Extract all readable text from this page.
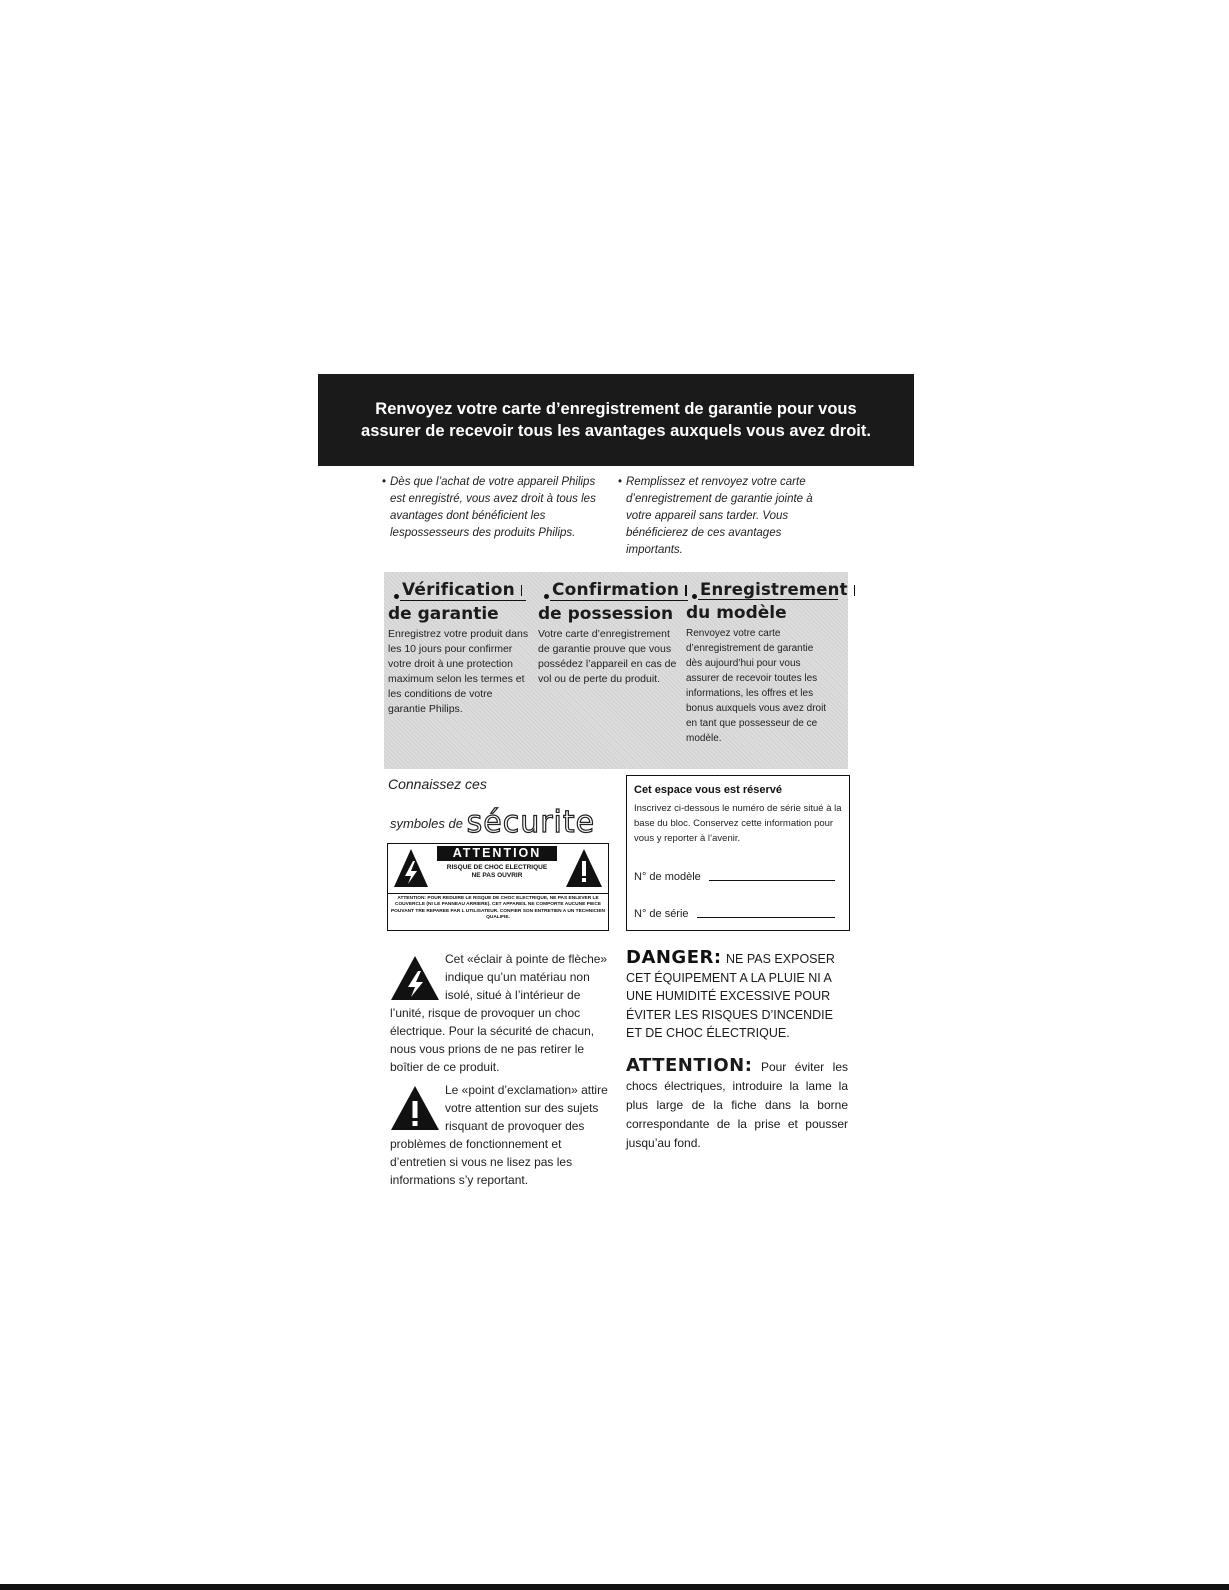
Renvoyez votre carte d’enregistrement de garantie pour vous
assurer de recevoir tous les avantages auxquels vous avez droit.
• Dès que l’achat de votre appareil Philips est enregistré, vous avez droit à tous les avantages dont bénéficient les lespossesseurs des produits Philips.
• Remplissez et renvoyez votre carte d’enregistrement de garantie jointe à votre appareil sans tarder. Vous bénéficierez de ces avantages importants.
Vérification
de garantie
Enregistrez votre produit dans les 10 jours pour confirmer votre droit à une protection maximum selon les termes et les conditions de votre garantie Philips.
Confirmation
de possession
Votre carte d’enregistrement de garantie prouve que vous possédez l’appareil en cas de vol ou de perte du produit.
Enregistrement
du modèle
Renvoyez votre carte d’enregistrement de garantie dès aujourd’hui pour vous assurer de recevoir toutes les informations, les offres et les bonus auxquels vous avez droit en tant que possesseur de ce modèle.
Connaissez ces
symboles de sécurite
ATTENTION
RISQUE DE CHOC ELECTRIQUE
NE PAS OUVRIR
ATTENTION: POUR REDUIRE LE RISQUE DE CHOC ELECTRIQUE, NE PAS ENLEVER LE COUVERCLE (NI LE PANNEAU ARRIERE). CET APPAREIL NE COMPORTE AUCUNE PIECE POUVANT TRE REPAREE PAR L UTILISATEUR. CONFIER SON ENTRETIEN A UN TECHNICIEN QUALIFIE.
Cet espace vous est réservé
Inscrivez ci-dessous le numéro de série situé à la base du bloc. Conservez cette information pour vous y reporter à l’avenir.
N° de modèle
N° de série
Cet «éclair à pointe de flèche» indique qu’un matériau non isolé, situé à l’intérieur de l’unité, risque de provoquer un choc électrique. Pour la sécurité de chacun, nous vous prions de ne pas retirer le boîtier de ce produit.
Le «point d’exclamation» attire votre attention sur des sujets risquant de provoquer des problèmes de fonctionnement et d’entretien si vous ne lisez pas les informations s’y reportant.
DANGER: NE PAS EXPOSER CET ÉQUIPEMENT A LA PLUIE NI A UNE HUMIDITÉ EXCESSIVE POUR ÉVITER LES RISQUES D’INCENDIE ET DE CHOC ÉLECTRIQUE.
ATTENTION: Pour éviter les chocs électriques, introduire la lame la plus large de la fiche dans la borne correspondante de la prise et pousser jusqu’au fond.
